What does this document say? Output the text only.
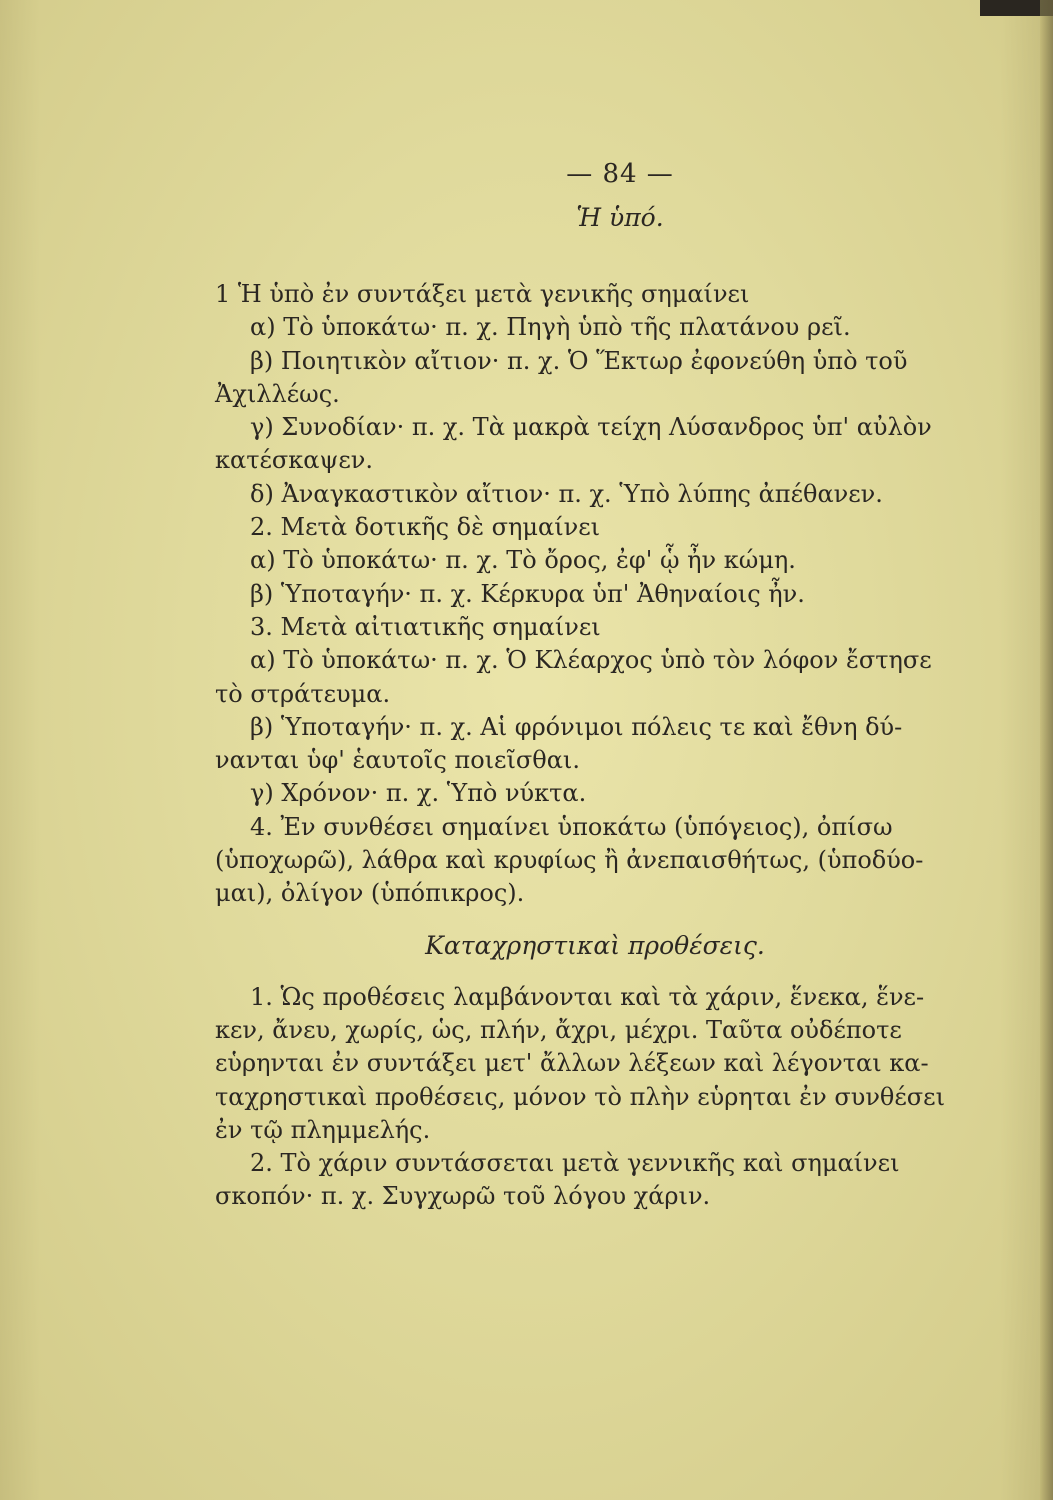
— 84 —
Ἡ ὑπό.
1 Ἡ ὑπὸ ἐν συντάξει μετὰ γενικῆς σημαίνει
α) Τὸ ὑποκάτω· π. χ. Πηγὴ ὑπὸ τῆς πλατάνου ρεῖ.
β) Ποιητικὸν αἴτιον· π. χ. Ὁ Ἕκτωρ ἐφονεύθη ὑπὸ τοῦ
Ἀχιλλέως.
γ) Συνοδίαν· π. χ. Τὰ μακρὰ τείχη Λύσανδρος ὑπ' αὐλὸν
κατέσκαψεν.
δ) Ἀναγκαστικὸν αἴτιον· π. χ. Ὑπὸ λύπης ἀπέθανεν.
2. Μετὰ δοτικῆς δὲ σημαίνει
α) Τὸ ὑποκάτω· π. χ. Τὸ ὄρος, ἐφ' ᾧ ἦν κώμη.
β) Ὑποταγήν· π. χ. Κέρκυρα ὑπ' Ἀθηναίοις ἦν.
3. Μετὰ αἰτιατικῆς σημαίνει
α) Τὸ ὑποκάτω· π. χ. Ὁ Κλέαρχος ὑπὸ τὸν λόφον ἔστησε
τὸ στράτευμα.
β) Ὑποταγήν· π. χ. Αἱ φρόνιμοι πόλεις τε καὶ ἔθνη δύ-
νανται ὑφ' ἑαυτοῖς ποιεῖσθαι.
γ) Χρόνον· π. χ. Ὑπὸ νύκτα.
4. Ἐν συνθέσει σημαίνει ὑποκάτω (ὑπόγειος), ὀπίσω
(ὑποχωρῶ), λάθρα καὶ κρυφίως ἢ ἀνεπαισθήτως, (ὑποδύο-
μαι), ὀλίγον (ὑπόπικρος).
Καταχρηστικαὶ προθέσεις.
1. Ὡς προθέσεις λαμβάνονται καὶ τὰ χάριν, ἕνεκα, ἕνε-
κεν, ἄνευ, χωρίς, ὡς, πλήν, ἄχρι, μέχρι. Ταῦτα οὐδέποτε
εὑρηνται ἐν συντάξει μετ' ἄλλων λέξεων καὶ λέγονται κα-
ταχρηστικαὶ προθέσεις, μόνον τὸ πλὴν εὑρηται ἐν συνθέσει
ἐν τῷ πλημμελής.
2. Τὸ χάριν συντάσσεται μετὰ γεννικῆς καὶ σημαίνει
σκοπόν· π. χ. Συγχωρῶ τοῦ λόγου χάριν.
